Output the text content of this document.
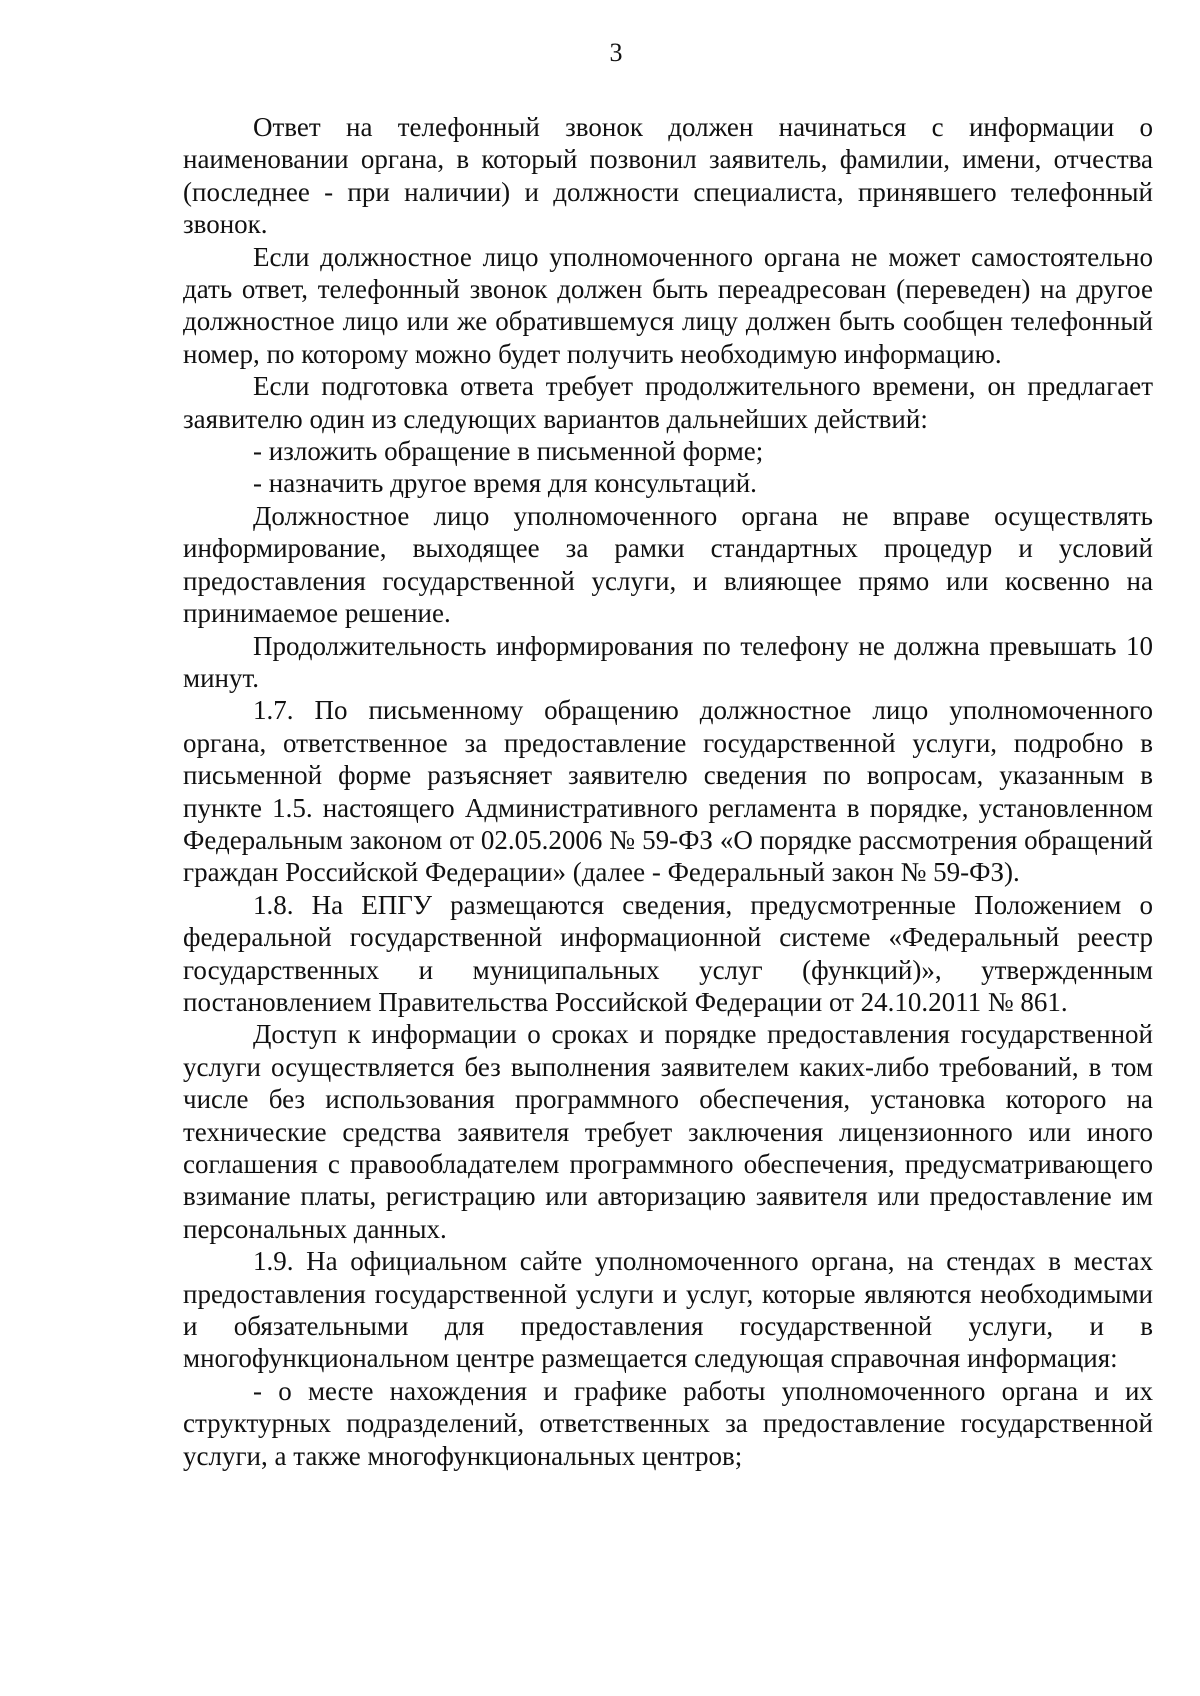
3

Ответ на телефонный звонок должен начинаться с информации о наименовании органа, в который позвонил заявитель, фамилии, имени, отчества (последнее - при наличии) и должности специалиста, принявшего телефонный звонок.

Если должностное лицо уполномоченного органа не может самостоятельно дать ответ, телефонный звонок должен быть переадресован (переведен) на другое должностное лицо или же обратившемуся лицу должен быть сообщен телефонный номер, по которому можно будет получить необходимую информацию.

Если подготовка ответа требует продолжительного времени, он предлагает заявителю один из следующих вариантов дальнейших действий:

- изложить обращение в письменной форме;

- назначить другое время для консультаций.

Должностное лицо уполномоченного органа не вправе осуществлять информирование, выходящее за рамки стандартных процедур и условий предоставления государственной услуги, и влияющее прямо или косвенно на принимаемое решение.

Продолжительность информирования по телефону не должна превышать 10 минут.

1.7. По письменному обращению должностное лицо уполномоченного органа, ответственное за предоставление государственной услуги, подробно в письменной форме разъясняет заявителю сведения по вопросам, указанным в пункте 1.5. настоящего Административного регламента в порядке, установленном Федеральным законом от 02.05.2006 № 59-ФЗ «О порядке рассмотрения обращений граждан Российской Федерации» (далее - Федеральный закон № 59-ФЗ).

1.8. На ЕПГУ размещаются сведения, предусмотренные Положением о федеральной государственной информационной системе «Федеральный реестр государственных и муниципальных услуг (функций)», утвержденным постановлением Правительства Российской Федерации от 24.10.2011 № 861.

Доступ к информации о сроках и порядке предоставления государственной услуги осуществляется без выполнения заявителем каких-либо требований, в том числе без использования программного обеспечения, установка которого на технические средства заявителя требует заключения лицензионного или иного соглашения с правообладателем программного обеспечения, предусматривающего взимание платы, регистрацию или авторизацию заявителя или предоставление им персональных данных.

1.9. На официальном сайте уполномоченного органа, на стендах в местах предоставления государственной услуги и услуг, которые являются необходимыми и обязательными для предоставления государственной услуги, и в многофункциональном центре размещается следующая справочная информация:

- о месте нахождения и графике работы уполномоченного органа и их структурных подразделений, ответственных за предоставление государственной услуги, а также многофункциональных центров;
